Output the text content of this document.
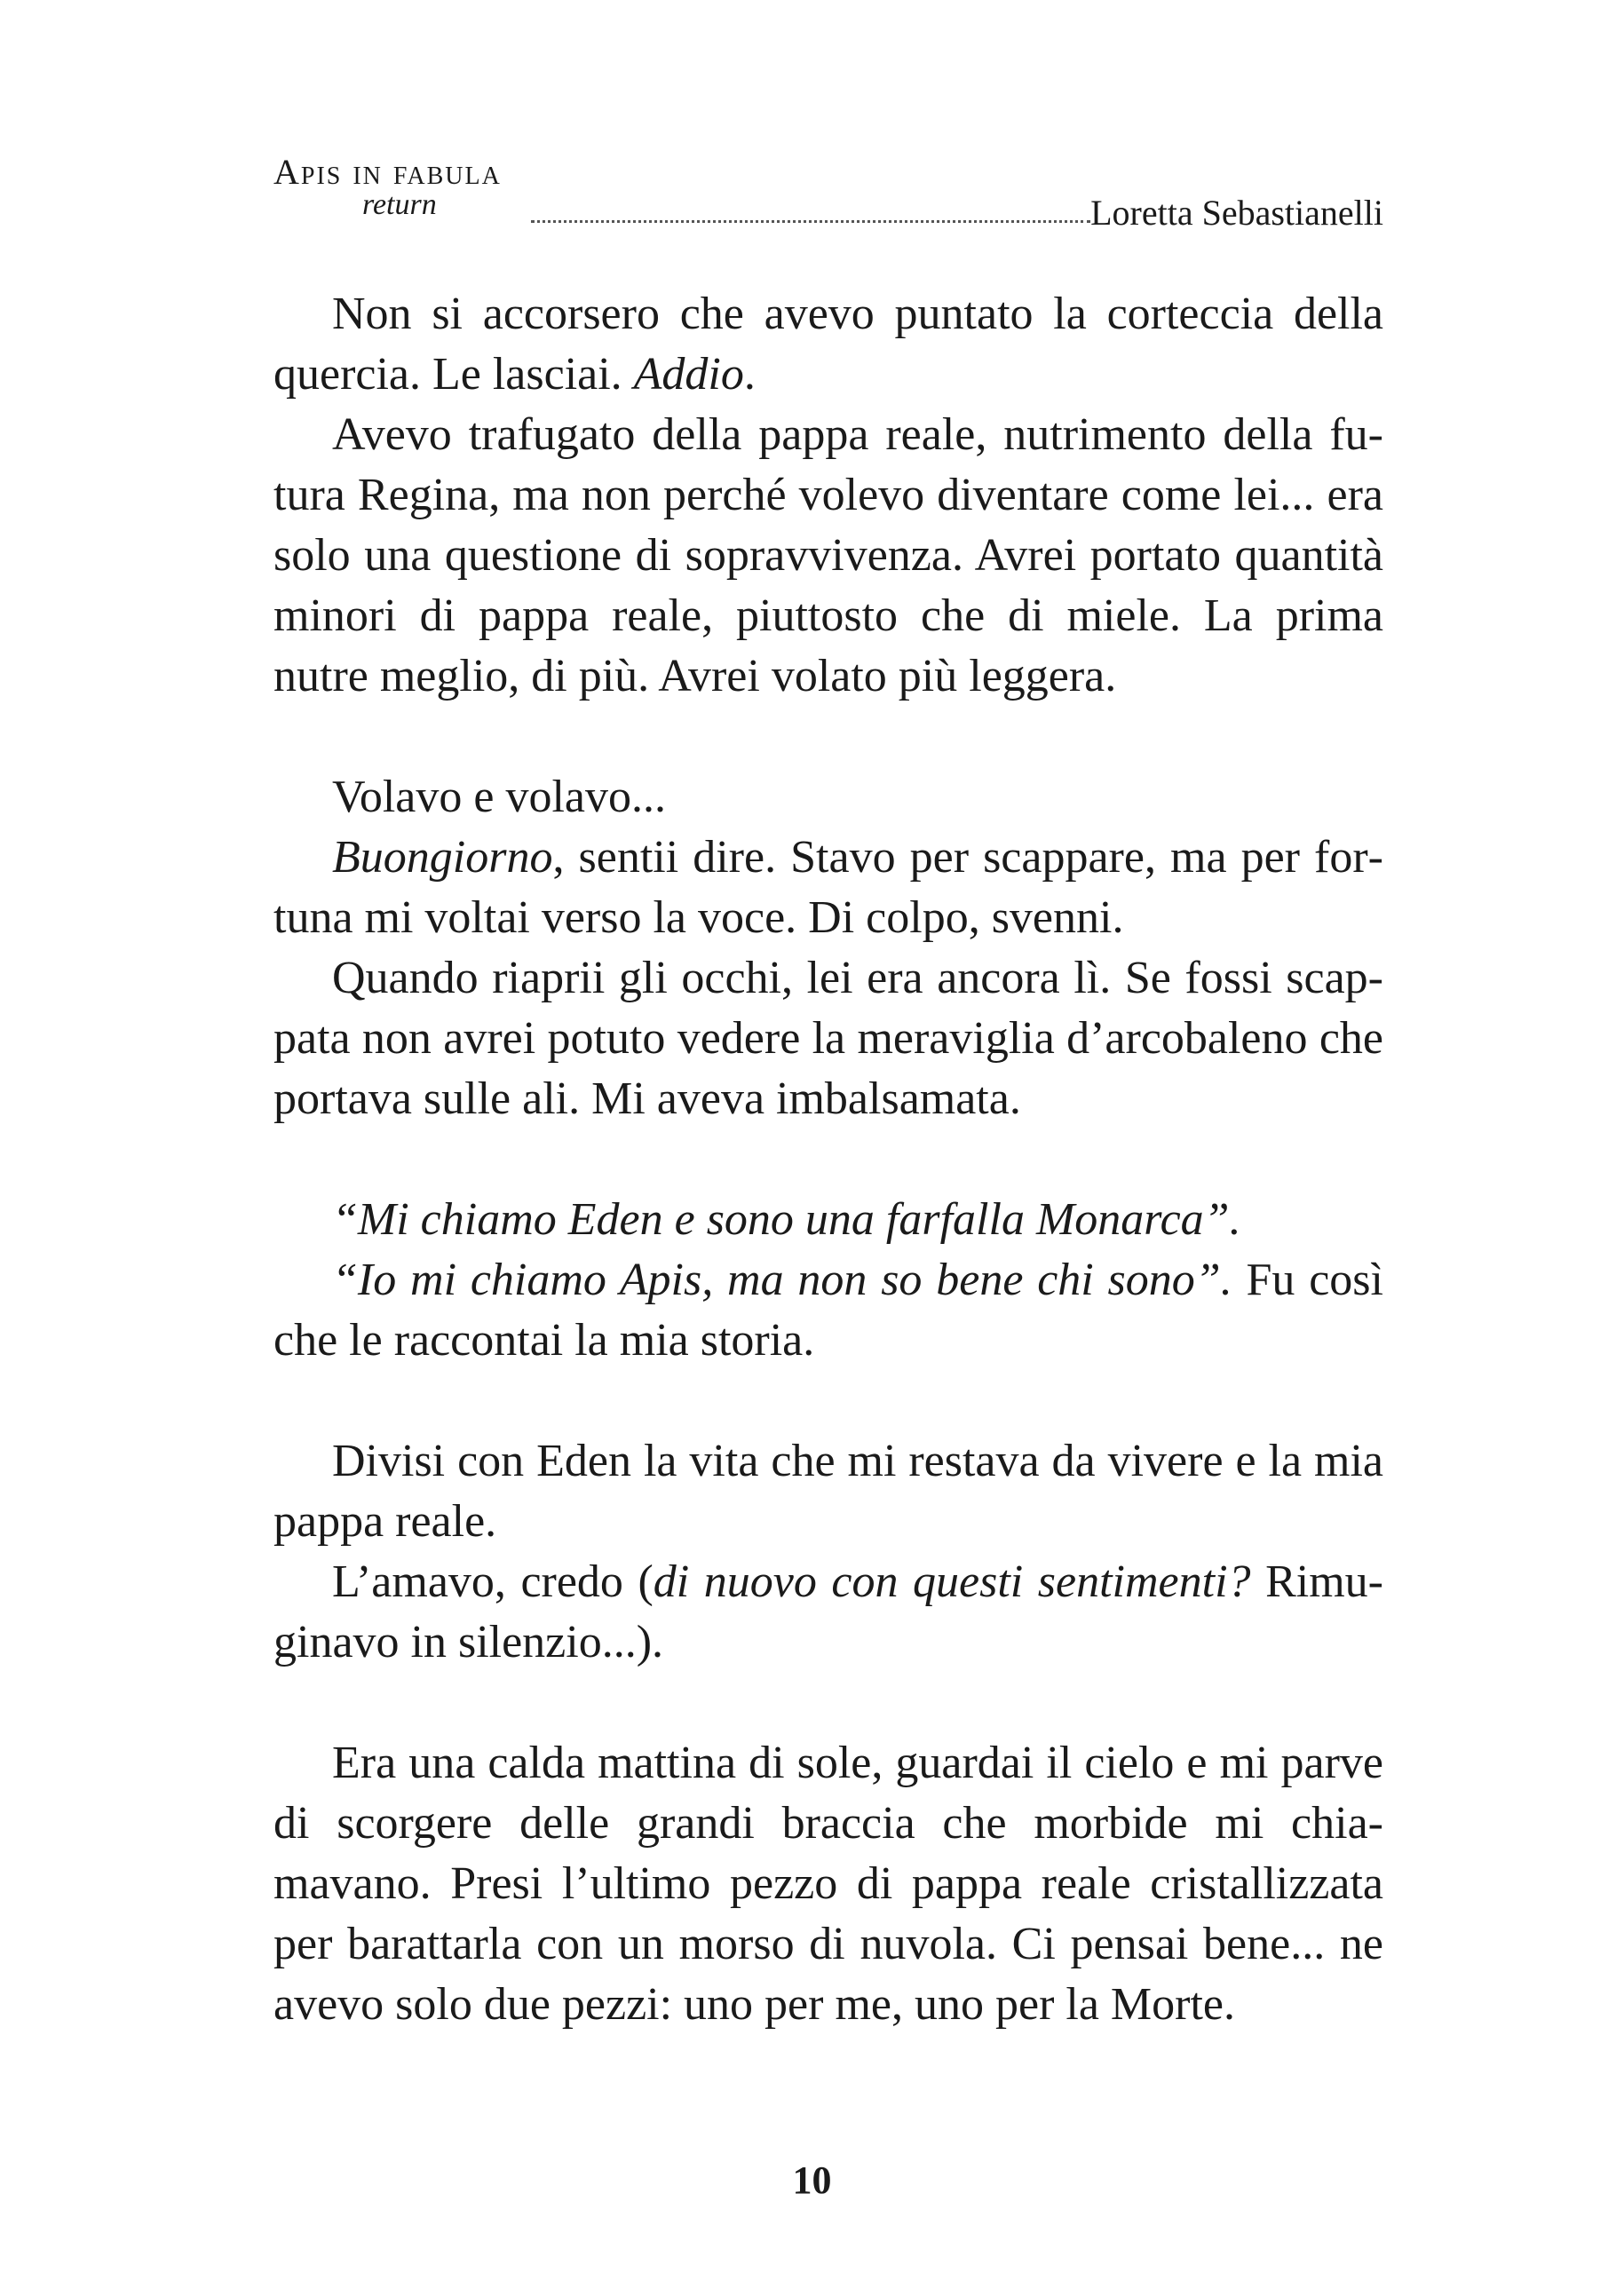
Apis in fabula
return	Loretta Sebastianelli

Non si accorsero che avevo puntato la corteccia della quercia. Le lasciai. Addio.

Avevo trafugato della pappa reale, nutrimento della futura Regina, ma non perché volevo diventare come lei... era solo una questione di sopravvivenza. Avrei portato quantità minori di pappa reale, piuttosto che di miele. La prima nutre meglio, di più. Avrei volato più leggera.

Volavo e volavo...

Buongiorno, sentii dire. Stavo per scappare, ma per fortuna mi voltai verso la voce. Di colpo, svenni.

Quando riaprii gli occhi, lei era ancora lì. Se fossi scappata non avrei potuto vedere la meraviglia d’arcobaleno che portava sulle ali. Mi aveva imbalsamata.

“Mi chiamo Eden e sono una farfalla Monarca”.

“Io mi chiamo Apis, ma non so bene chi sono”. Fu così che le raccontai la mia storia.

Divisi con Eden la vita che mi restava da vivere e la mia pappa reale.

L’amavo, credo (di nuovo con questi sentimenti? Rimuginavo in silenzio...).

Era una calda mattina di sole, guardai il cielo e mi parve di scorgere delle grandi braccia che morbide mi chiamavano. Presi l’ultimo pezzo di pappa reale cristallizzata per barattarla con un morso di nuvola. Ci pensai bene... ne avevo solo due pezzi: uno per me, uno per la Morte.

10
